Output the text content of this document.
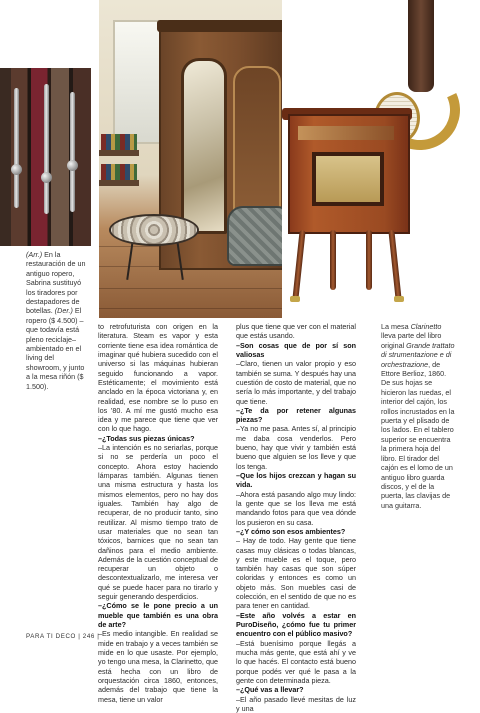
(Arr.) En la restauración de un antiguo ropero, Sabrina sustituyó los tiradores por destapadores de botellas. (Der.) El ropero ($ 4.500) –que todavía está pleno reciclaje– ambientado en el living del showroom, y junto a la mesa riñón ($ 1.500).

to retrofuturista con origen en la literatura. Steam es vapor y esta corriente tiene esa idea romántica de imaginar qué hubiera sucedido con el universo si las máquinas hubieran seguido funcionando a vapor. Estéticamente; el movimiento está anclado en la época victoriana y, en realidad, ese nombre se lo puso en los '80. A mí me gustó mucho esa idea y me parece que tiene que ver con lo que hago.

–¿Todas sus piezas únicas?

–La intención es no seriarlas, porque si no se perdería un poco el concepto. Ahora estoy haciendo lámparas también. Algunas tienen una misma estructura y hasta los mismos elementos, pero no hay dos iguales. También hay algo de recuperar, de no producir tanto, sino reutilizar. Al mismo tiempo trato de usar materiales que no sean tan tóxicos, barnices que no sean tan dañinos para el medio ambiente. Además de la cuestión conceptual de recuperar un objeto o descontextualizarlo, me interesa ver qué se puede hacer para no tirarlo y seguir generando desperdicios.

–¿Cómo se le pone precio a un mueble que también es una obra de arte?

–Es medio intangible. En realidad se mide en trabajo y a veces también se mide en lo que usaste. Por ejemplo, yo tengo una mesa, la Clarinetto, que está hecha con un libro de orquestación circa 1860, entonces, además del trabajo que tiene la mesa, tiene un valor

plus que tiene que ver con el material que estás usando.

–Son cosas que de por sí son valiosas

–Claro, tienen un valor propio y eso también se suma. Y después hay una cuestión de costo de material, que no sería lo más importante, y del trabajo que tiene.

–¿Te da por retener algunas piezas?

–Ya no me pasa. Antes sí, al principio me daba cosa venderlos. Pero bueno, hay que vivir y también está bueno que alguien se los lleve y que los tenga.

–Que los hijos crezcan y hagan su vida.

–Ahora está pasando algo muy lindo: la gente que se los lleva me está mandando fotos para que vea dónde los pusieron en su casa.

–¿Y cómo son esos ambientes?

– Hay de todo. Hay gente que tiene casas muy clásicas o todas blancas, y este mueble es el toque, pero también hay casas que son súper coloridas y entonces es como un objeto más. Son muebles casi de colección, en el sentido de que no es para tener en cantidad.

–Este año volvés a estar en PuroDiseño, ¿cómo fue tu primer encuentro con el público masivo?

–Está buenísimo porque llegás a mucha más gente, que está ahí y ve lo que hacés. El contacto está bueno porque podés ver qué le pasa a la gente con determinada pieza.

–¿Qué vas a llevar?

–El año pasado llevé mesitas de luz y una

La mesa Clarinetto lleva parte del libro original Grande trattato di strumentazione e di orchestrazione, de Ettore Berlioz, 1860. De sus hojas se hicieron las ruedas, el interior del cajón, los rollos incrustados en la puerta y el plisado de los lados. En el tablero superior se encuentra la primera hoja del libro. El tirador del cajón es el lomo de un antiguo libro guarda discos, y el de la puerta, las clavijas de una guitarra.
PARA TI DECO | 246 |
